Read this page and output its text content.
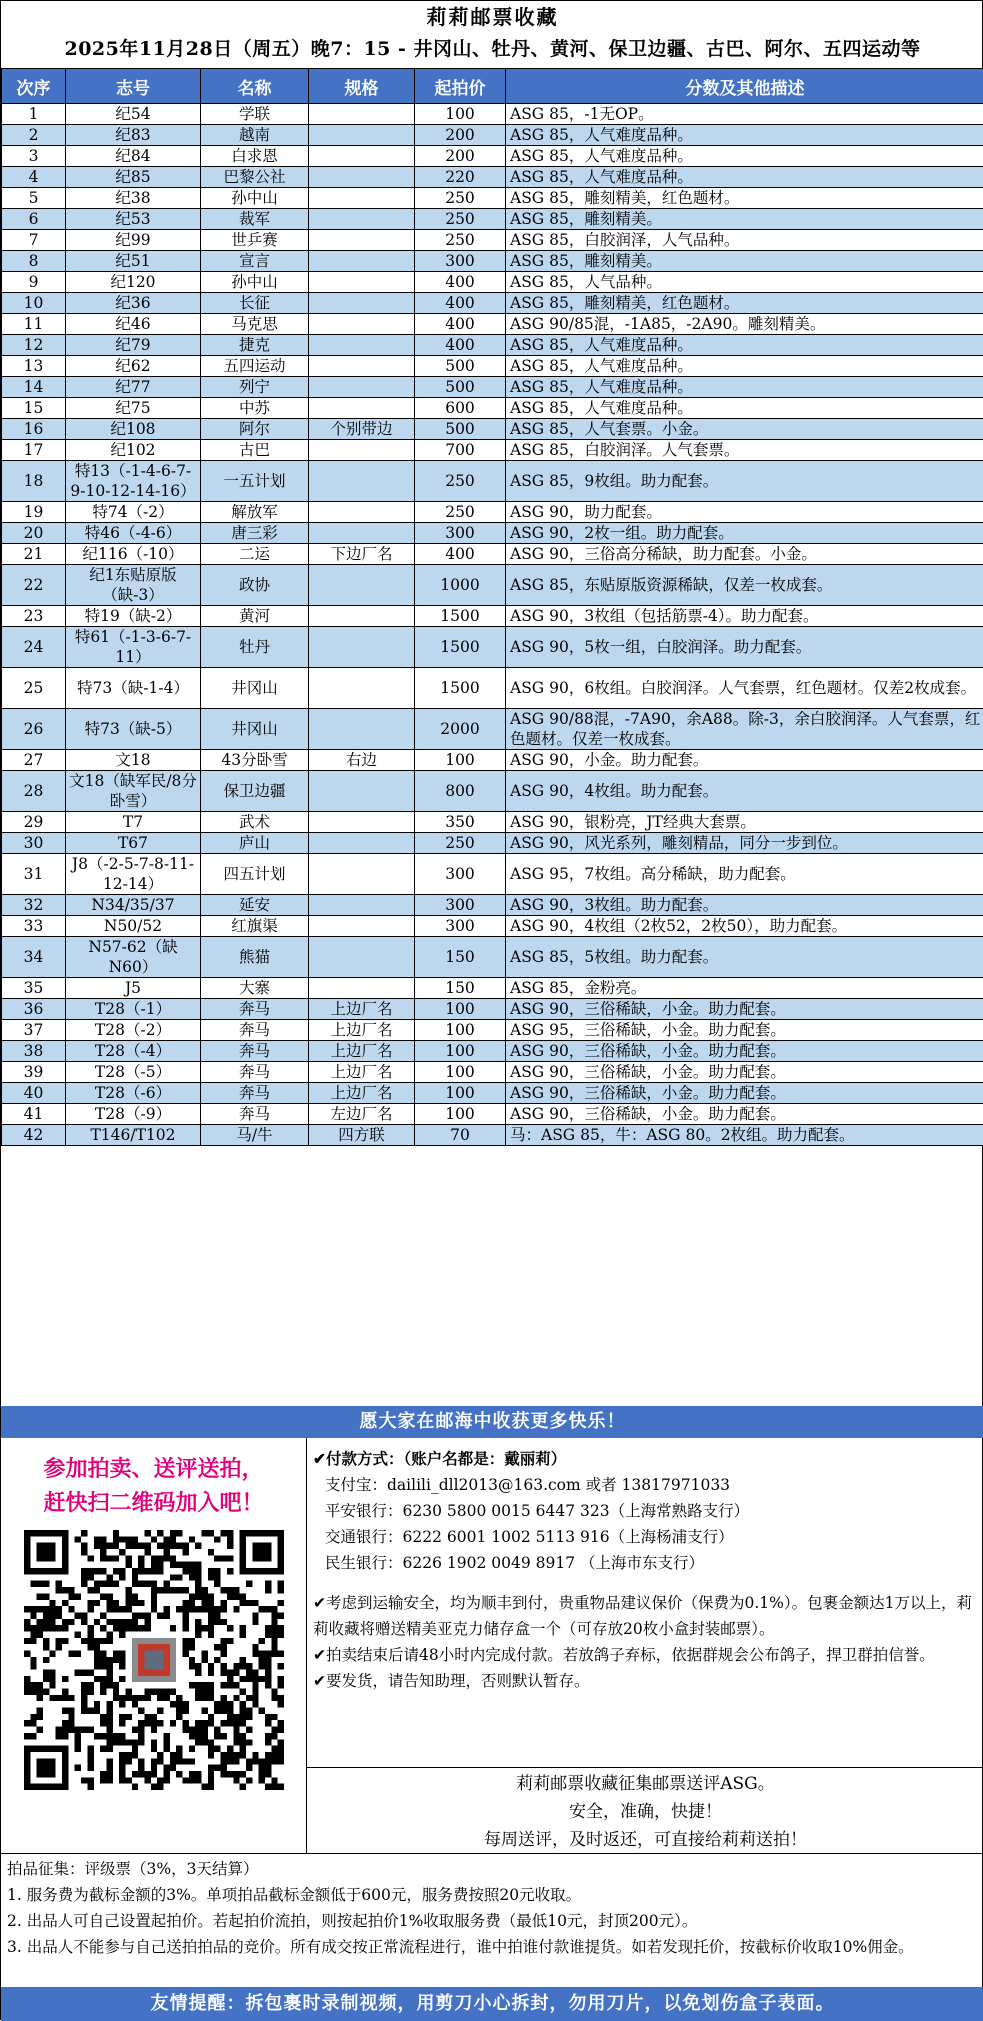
莉莉邮票收藏
2025年11月28日（周五）晚7：15 - 井冈山、牡丹、黄河、保卫边疆、古巴、阿尔、五四运动等
次序	志号	名称	规格	起拍价	分数及其他描述
1	纪54	学联		100	ASG 85，-1无OP。
2	纪83	越南		200	ASG 85，人气难度品种。
3	纪84	白求恩		200	ASG 85，人气难度品种。
4	纪85	巴黎公社		220	ASG 85，人气难度品种。
5	纪38	孙中山		250	ASG 85，雕刻精美，红色题材。
6	纪53	裁军		250	ASG 85，雕刻精美。
7	纪99	世乒赛		250	ASG 85，白胶润泽，人气品种。
8	纪51	宣言		300	ASG 85，雕刻精美。
9	纪120	孙中山		400	ASG 85，人气品种。
10	纪36	长征		400	ASG 85，雕刻精美，红色题材。
11	纪46	马克思		400	ASG 90/85混，-1A85，-2A90。雕刻精美。
12	纪79	捷克		400	ASG 85，人气难度品种。
13	纪62	五四运动		500	ASG 85，人气难度品种。
14	纪77	列宁		500	ASG 85，人气难度品种。
15	纪75	中苏		600	ASG 85，人气难度品种。
16	纪108	阿尔	个别带边	500	ASG 85，人气套票。小金。
17	纪102	古巴		700	ASG 85，白胶润泽。人气套票。
18	特13（-1-4-6-7-9-10-12-14-16）	一五计划		250	ASG 85，9枚组。助力配套。
19	特74（-2）	解放军		250	ASG 90，助力配套。
20	特46（-4-6）	唐三彩		300	ASG 90，2枚一组。助力配套。
21	纪116（-10）	二运	下边厂名	400	ASG 90，三俗高分稀缺，助力配套。小金。
22	纪1东贴原版（缺-3）	政协		1000	ASG 85，东贴原版资源稀缺，仅差一枚成套。
23	特19（缺-2）	黄河		1500	ASG 90，3枚组（包括筋票-4）。助力配套。
24	特61（-1-3-6-7-11）	牡丹		1500	ASG 90，5枚一组，白胶润泽。助力配套。
25	特73（缺-1-4）	井冈山		1500	ASG 90，6枚组。白胶润泽。人气套票，红色题材。仅差2枚成套。
26	特73（缺-5）	井冈山		2000	ASG 90/88混，-7A90，余A88。除-3，余白胶润泽。人气套票，红色题材。仅差一枚成套。
27	文18	43分卧雪	右边	100	ASG 90，小金。助力配套。
28	文18（缺军民/8分卧雪）	保卫边疆		800	ASG 90，4枚组。助力配套。
29	T7	武术		350	ASG 90，银粉亮，JT经典大套票。
30	T67	庐山		250	ASG 90，风光系列，雕刻精品，同分一步到位。
31	J8（-2-5-7-8-11-12-14）	四五计划		300	ASG 95，7枚组。高分稀缺，助力配套。
32	N34/35/37	延安		300	ASG 90，3枚组。助力配套。
33	N50/52	红旗渠		300	ASG 90，4枚组（2枚52，2枚50），助力配套。
34	N57-62（缺N60）	熊猫		150	ASG 85，5枚组。助力配套。
35	J5	大寨		150	ASG 85，金粉亮。
36	T28（-1）	奔马	上边厂名	100	ASG 90，三俗稀缺，小金。助力配套。
37	T28（-2）	奔马	上边厂名	100	ASG 95，三俗稀缺，小金。助力配套。
38	T28（-4）	奔马	上边厂名	100	ASG 90，三俗稀缺，小金。助力配套。
39	T28（-5）	奔马	上边厂名	100	ASG 90，三俗稀缺，小金。助力配套。
40	T28（-6）	奔马	上边厂名	100	ASG 90，三俗稀缺，小金。助力配套。
41	T28（-9）	奔马	左边厂名	100	ASG 90，三俗稀缺，小金。助力配套。
42	T146/T102	马/牛	四方联	70	马：ASG 85，牛：ASG 80。2枚组。助力配套。
愿大家在邮海中收获更多快乐！
参加拍卖、送评送拍，
赶快扫二维码加入吧！
✔付款方式：（账户名都是：戴丽莉）
支付宝：dailili_dll2013@163.com 或者 13817971033
平安银行：6230 5800 0015 6447 323（上海常熟路支行）
交通银行：6222 6001 1002 5113 916（上海杨浦支行）
民生银行：6226 1902 0049 8917 （上海市东支行）
✔考虑到运输安全，均为顺丰到付，贵重物品建议保价（保费为0.1%）。包裹金额达1万以上，莉莉收藏将赠送精美亚克力储存盒一个（可存放20枚小盒封装邮票）。
✔拍卖结束后请48小时内完成付款。若放鸽子弃标，依据群规会公布鸽子，捍卫群拍信誉。
✔要发货，请告知助理，否则默认暂存。
莉莉邮票收藏征集邮票送评ASG。
安全，准确，快捷！
每周送评，及时返还，可直接给莉莉送拍！
拍品征集：评级票（3%，3天结算）
1. 服务费为截标金额的3%。单项拍品截标金额低于600元，服务费按照20元收取。
2. 出品人可自己设置起拍价。若起拍价流拍，则按起拍价1%收取服务费（最低10元，封顶200元）。
3. 出品人不能参与自己送拍拍品的竞价。所有成交按正常流程进行，谁中拍谁付款谁提货。如若发现托价，按截标价收取10%佣金。
友情提醒：拆包裹时录制视频，用剪刀小心拆封，勿用刀片，以免划伤盒子表面。
